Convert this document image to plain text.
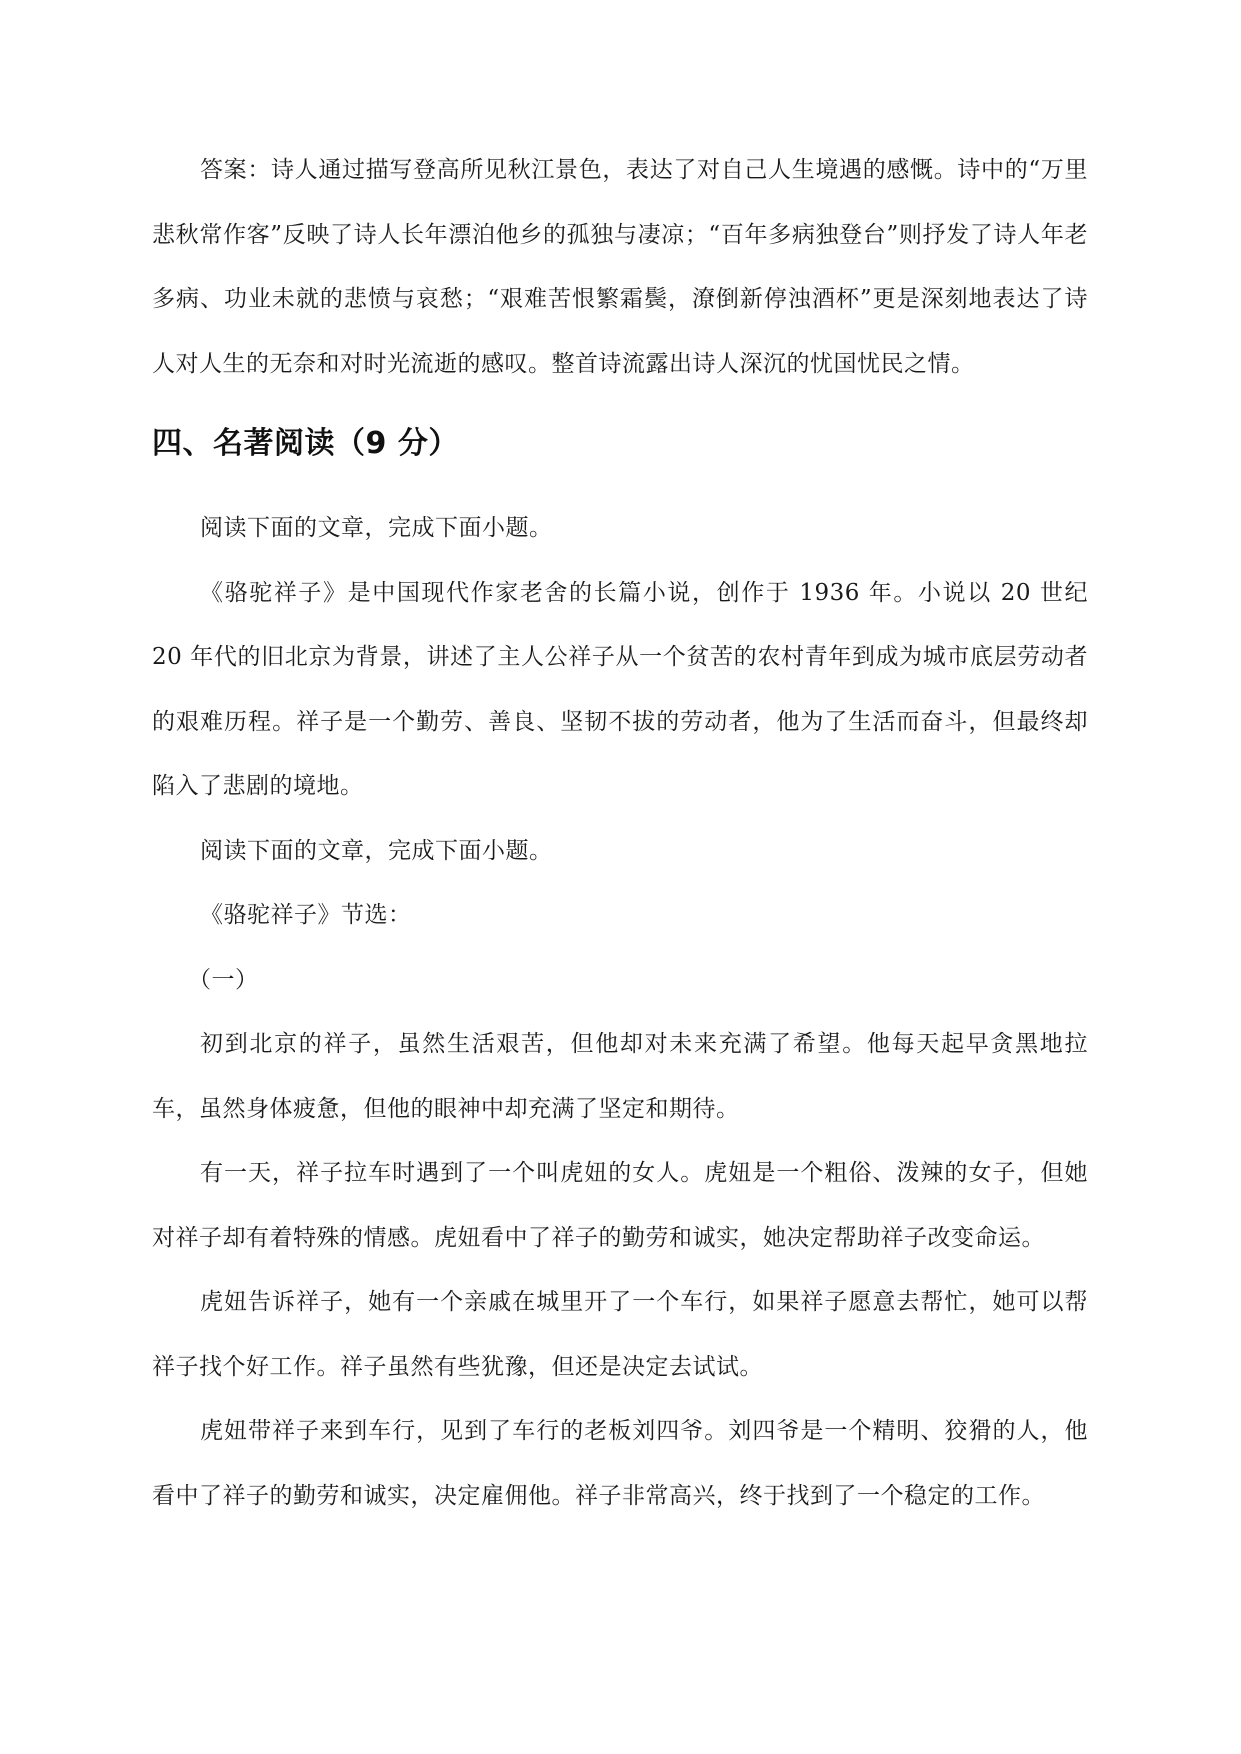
答案：诗人通过描写登高所见秋江景色，表达了对自己人生境遇的感慨。诗中的“万里悲秋常作客”反映了诗人长年漂泊他乡的孤独与凄凉；“百年多病独登台”则抒发了诗人年老多病、功业未就的悲愤与哀愁；“艰难苦恨繁霜鬓，潦倒新停浊酒杯”更是深刻地表达了诗人对人生的无奈和对时光流逝的感叹。整首诗流露出诗人深沉的忧国忧民之情。

四、名著阅读（9 分）

阅读下面的文章，完成下面小题。

《骆驼祥子》是中国现代作家老舍的长篇小说，创作于 1936 年。小说以 20 世纪 20 年代的旧北京为背景，讲述了主人公祥子从一个贫苦的农村青年到成为城市底层劳动者的艰难历程。祥子是一个勤劳、善良、坚韧不拔的劳动者，他为了生活而奋斗，但最终却陷入了悲剧的境地。

阅读下面的文章，完成下面小题。

《骆驼祥子》节选：

（一）

初到北京的祥子，虽然生活艰苦，但他却对未来充满了希望。他每天起早贪黑地拉车，虽然身体疲惫，但他的眼神中却充满了坚定和期待。

有一天，祥子拉车时遇到了一个叫虎妞的女人。虎妞是一个粗俗、泼辣的女子，但她对祥子却有着特殊的情感。虎妞看中了祥子的勤劳和诚实，她决定帮助祥子改变命运。

虎妞告诉祥子，她有一个亲戚在城里开了一个车行，如果祥子愿意去帮忙，她可以帮祥子找个好工作。祥子虽然有些犹豫，但还是决定去试试。

虎妞带祥子来到车行，见到了车行的老板刘四爷。刘四爷是一个精明、狡猾的人，他看中了祥子的勤劳和诚实，决定雇佣他。祥子非常高兴，终于找到了一个稳定的工作。
